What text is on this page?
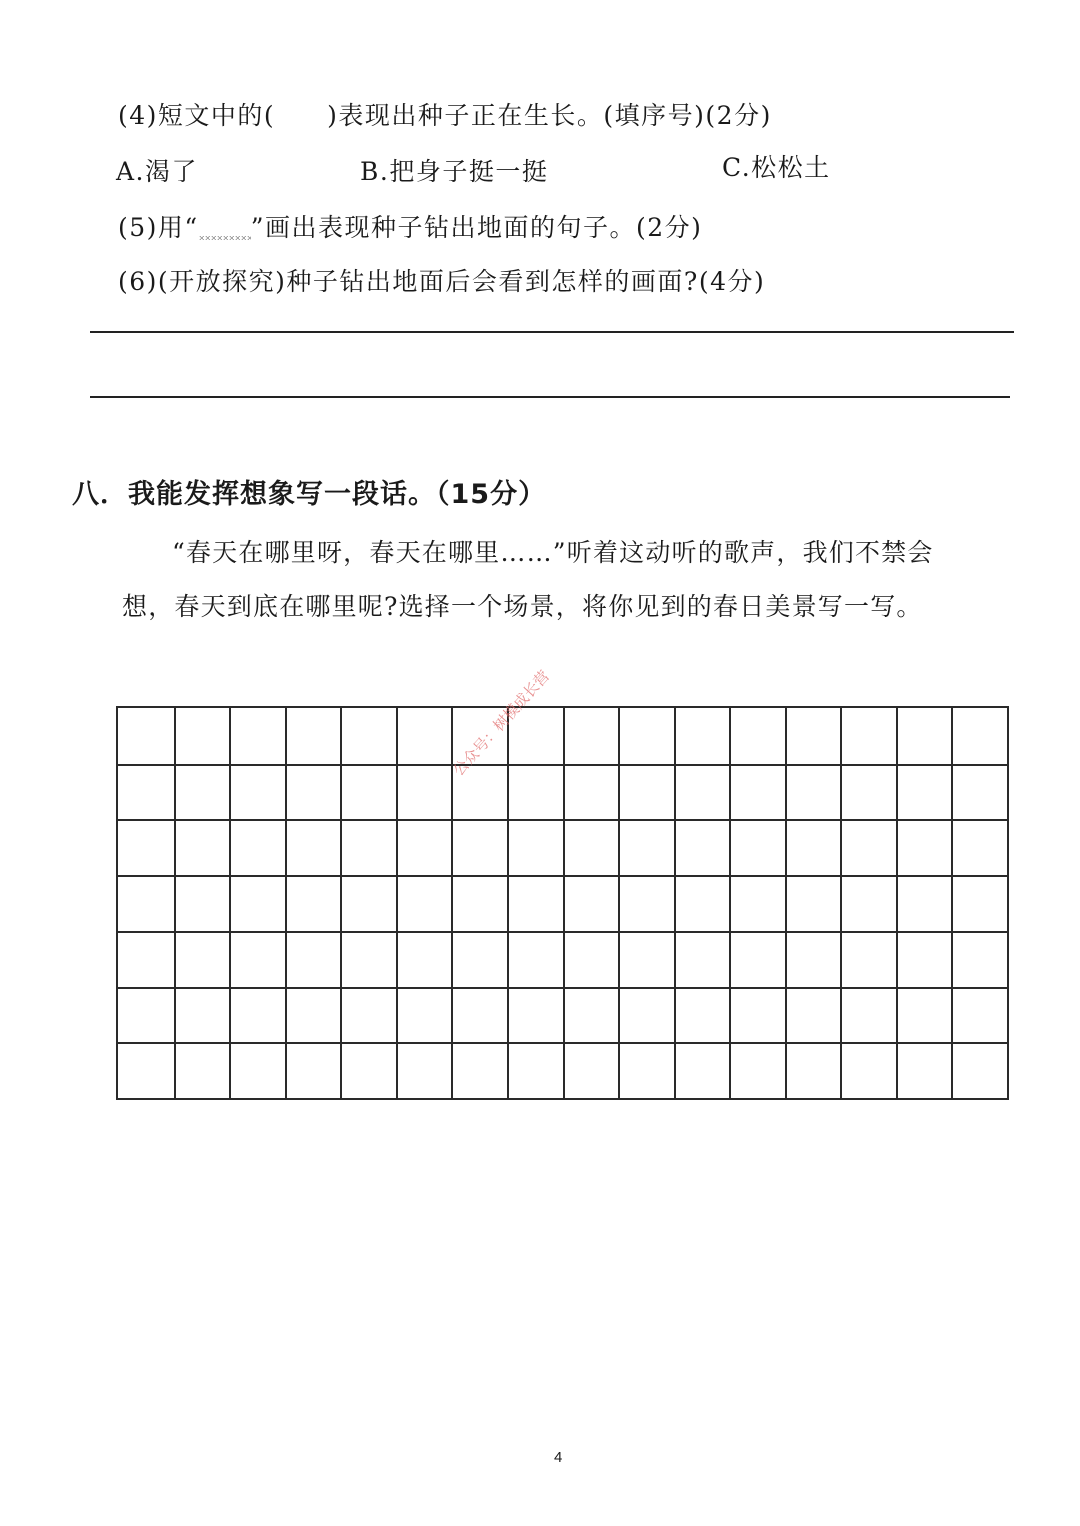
(4)短文中的( )表现出种子正在生长。(填序号)(2分)
A.渴了	B.把身子挺一挺	C.松松土
(5)用“ ”画出表现种子钻出地面的句子。(2分)
(6)(开放探究)种子钻出地面后会看到怎样的画面?(4分)
八．我能发挥想象写一段话。（15分）
“春天在哪里呀，春天在哪里……”听着这动听的歌声，我们不禁会
想，春天到底在哪里呢?选择一个场景，将你见到的春日美景写一写。
公众号：树模成长营
4
